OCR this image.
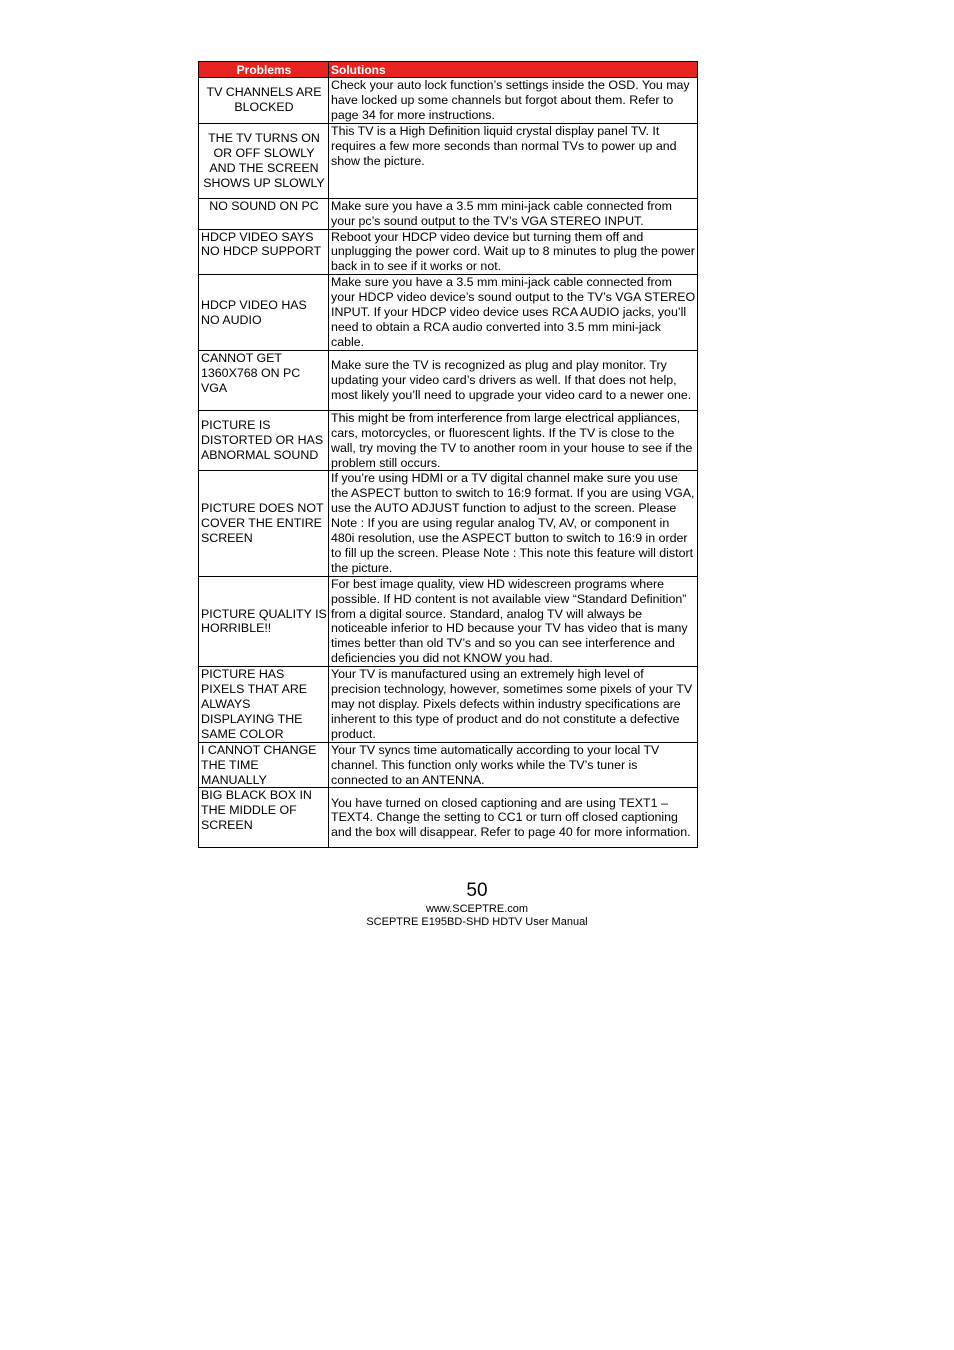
Problems	Solutions
TV CHANNELS ARE BLOCKED	Check your auto lock function’s settings inside the OSD. You may have locked up some channels but forgot about them. Refer to page 34 for more instructions.
THE TV TURNS ON OR OFF SLOWLY AND THE SCREEN SHOWS UP SLOWLY	This TV is a High Definition liquid crystal display panel TV. It requires a few more seconds than normal TVs to power up and show the picture.
NO SOUND ON PC	Make sure you have a 3.5 mm mini-jack cable connected from your pc’s sound output to the TV’s VGA STEREO INPUT.
HDCP VIDEO SAYS NO HDCP SUPPORT	Reboot your HDCP video device but turning them off and unplugging the power cord. Wait up to 8 minutes to plug the power back in to see if it works or not.
HDCP VIDEO HAS NO AUDIO	Make sure you have a 3.5 mm mini-jack cable connected from your HDCP video device’s sound output to the TV’s VGA STEREO INPUT. If your HDCP video device uses RCA AUDIO jacks, you’ll need to obtain a RCA audio converted into 3.5 mm mini-jack cable.
CANNOT GET 1360X768 ON PC VGA	Make sure the TV is recognized as plug and play monitor. Try updating your video card’s drivers as well. If that does not help, most likely you’ll need to upgrade your video card to a newer one.
PICTURE IS DISTORTED OR HAS ABNORMAL SOUND	This might be from interference from large electrical appliances, cars, motorcycles, or fluorescent lights. If the TV is close to the wall, try moving the TV to another room in your house to see if the problem still occurs.
PICTURE DOES NOT COVER THE ENTIRE SCREEN	If you’re using HDMI or a TV digital channel make sure you use the ASPECT button to switch to 16:9 format. If you are using VGA, use the AUTO ADJUST function to adjust to the screen. Please Note : If you are using regular analog TV, AV, or component in 480i resolution, use the ASPECT button to switch to 16:9 in order to fill up the screen. Please Note : This note this feature will distort the picture.
PICTURE QUALITY IS HORRIBLE!!	For best image quality, view HD widescreen programs where possible. If HD content is not available view “Standard Definition” from a digital source. Standard, analog TV will always be noticeable inferior to HD because your TV has video that is many times better than old TV’s and so you can see interference and deficiencies you did not KNOW you had.
PICTURE HAS PIXELS THAT ARE ALWAYS DISPLAYING THE SAME COLOR	Your TV is manufactured using an extremely high level of precision technology, however, sometimes some pixels of your TV may not display. Pixels defects within industry specifications are inherent to this type of product and do not constitute a defective product.
I CANNOT CHANGE THE TIME MANUALLY	Your TV syncs time automatically according to your local TV channel. This function only works while the TV’s tuner is connected to an ANTENNA.
BIG BLACK BOX IN THE MIDDLE OF SCREEN	You have turned on closed captioning and are using TEXT1 – TEXT4. Change the setting to CC1 or turn off closed captioning and the box will disappear. Refer to page 40 for more information.
50
www.SCEPTRE.com
SCEPTRE E195BD-SHD HDTV User Manual
